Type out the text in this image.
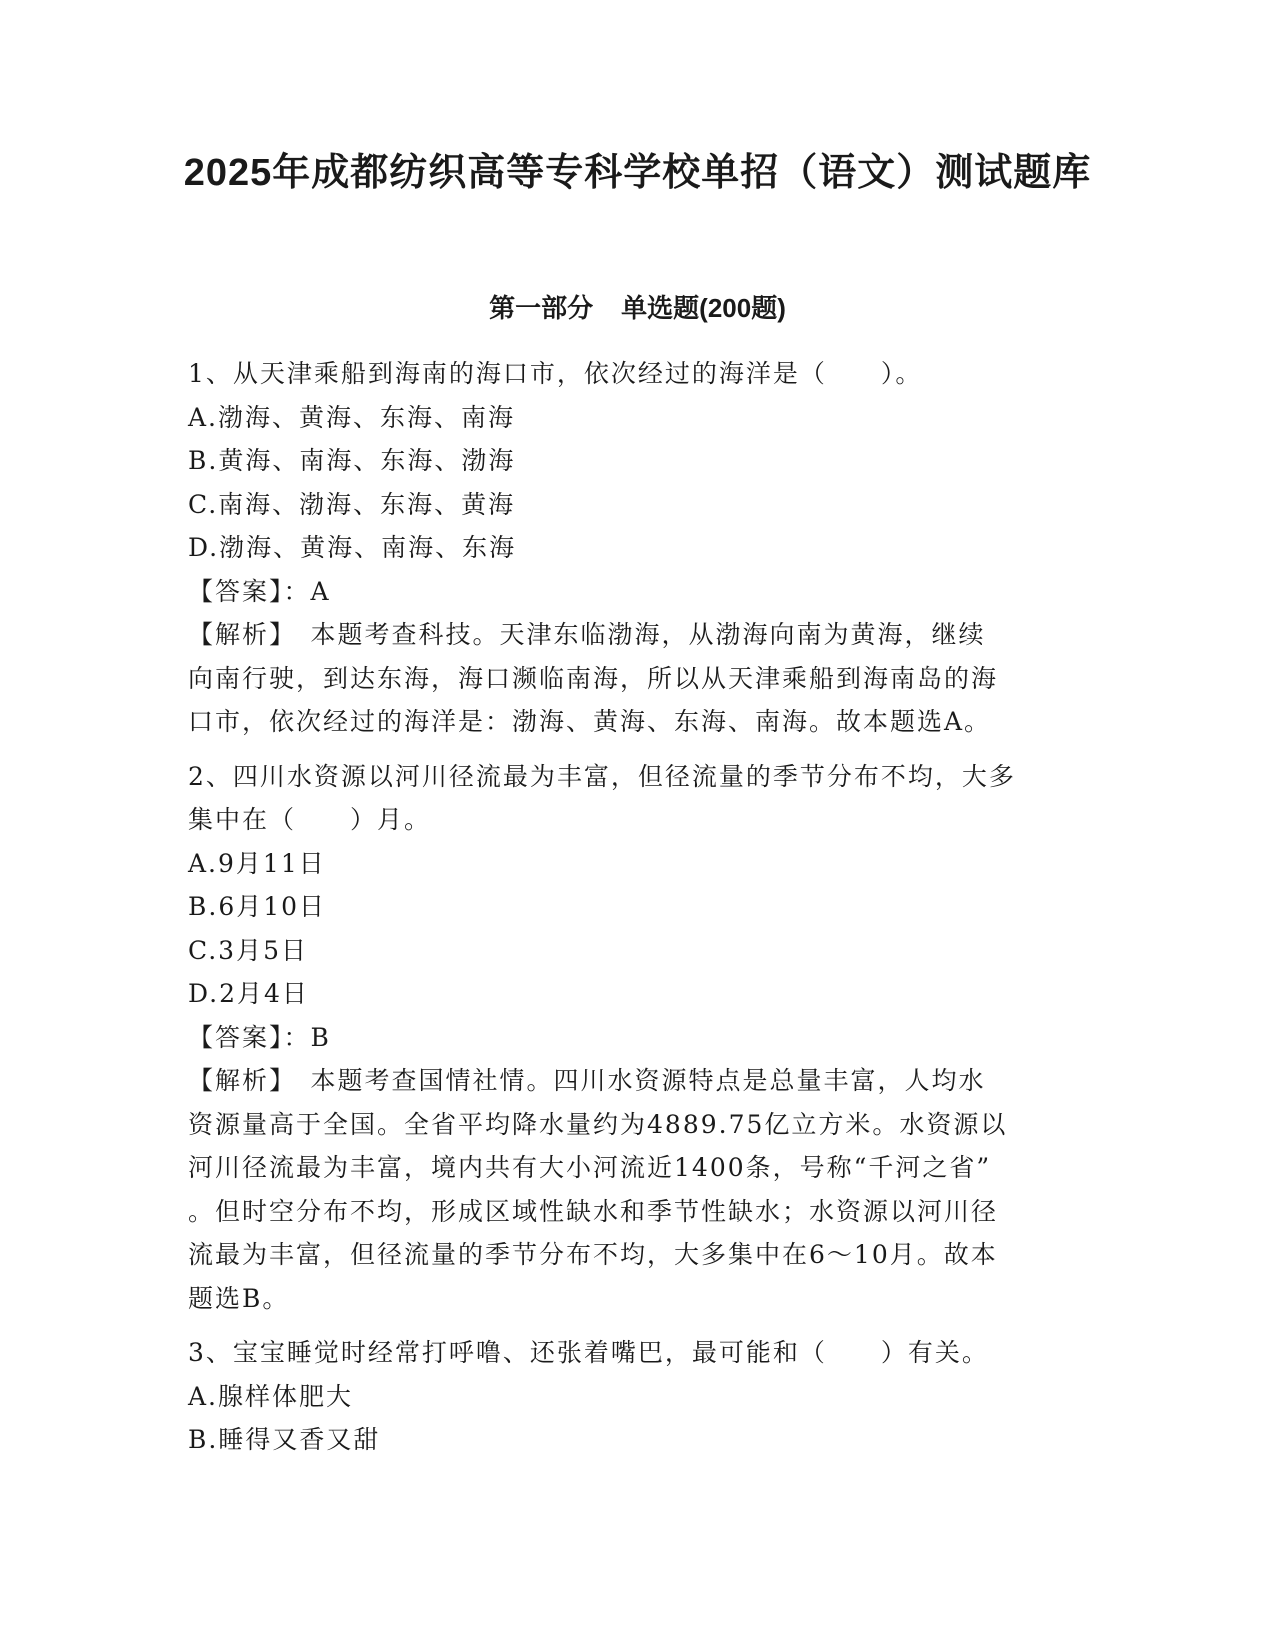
2025年成都纺织高等专科学校单招（语文）测试题库
第一部分 单选题(200题)
1、从天津乘船到海南的海口市，依次经过的海洋是（　　）。
A.渤海、黄海、东海、南海
B.黄海、南海、东海、渤海
C.南海、渤海、东海、黄海
D.渤海、黄海、南海、东海
【答案】：A
【解析】　本题考查科技。天津东临渤海，从渤海向南为黄海，继续
向南行驶，到达东海，海口濒临南海，所以从天津乘船到海南岛的海
口市，依次经过的海洋是：渤海、黄海、东海、南海。故本题选A。
2、四川水资源以河川径流最为丰富，但径流量的季节分布不均，大多
集中在（　　）月。
A.9月11日
B.6月10日
C.3月5日
D.2月4日
【答案】：B
【解析】　本题考查国情社情。四川水资源特点是总量丰富，人均水
资源量高于全国。全省平均降水量约为4889.75亿立方米。水资源以
河川径流最为丰富，境内共有大小河流近1400条，号称“千河之省”
。但时空分布不均，形成区域性缺水和季节性缺水；水资源以河川径
流最为丰富，但径流量的季节分布不均，大多集中在6～10月。故本
题选B。
3、宝宝睡觉时经常打呼噜、还张着嘴巴，最可能和（　　）有关。
A.腺样体肥大
B.睡得又香又甜
